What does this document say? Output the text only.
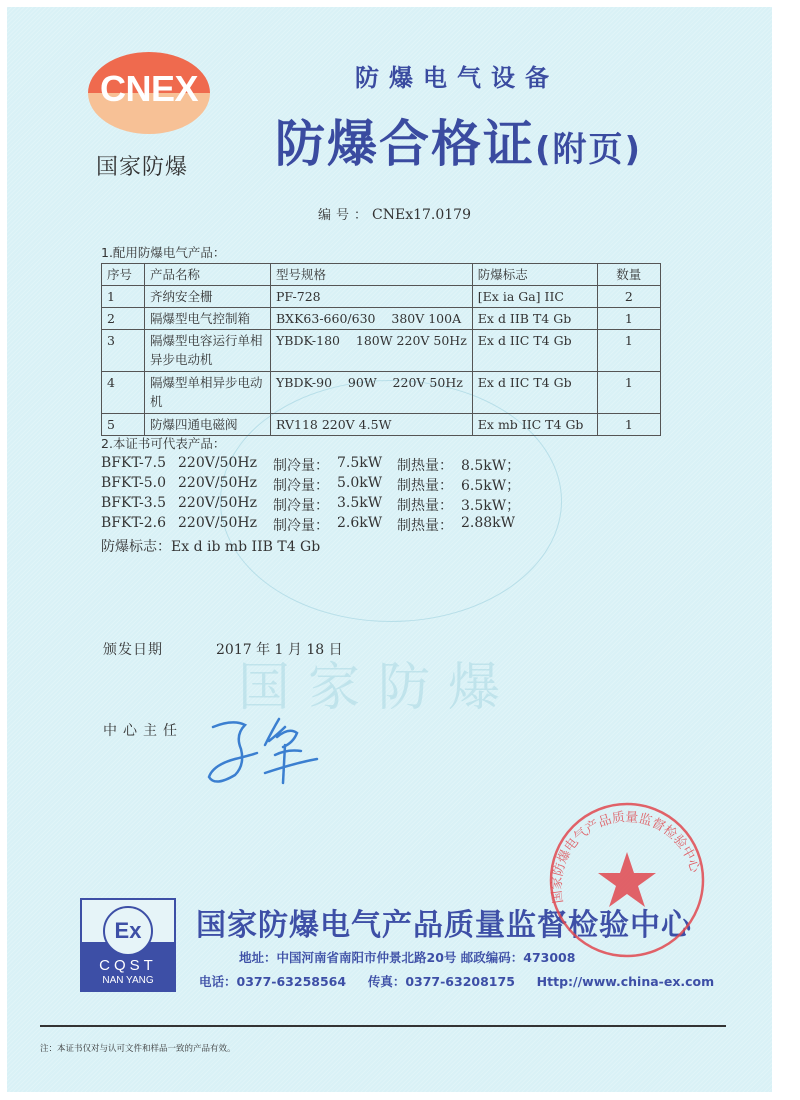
国家防爆
CNEX
国家防爆
防爆电气设备
防爆合格证(附页)
编号：CNEx17.0179
1.配用防爆电气产品：
序号	产品名称	型号规格	防爆标志	数量
1	齐纳安全栅	PF-728	[Ex ia Ga] IIC	2
2	隔爆型电气控制箱	BXK63-660/630    380V 100A	Ex d IIB T4 Gb	1
3	隔爆型电容运行单相异步电动机	YBDK-180    180W 220V 50Hz	Ex d IIC T4 Gb	1
4	隔爆型单相异步电动机	YBDK-90    90W    220V 50Hz	Ex d IIC T4 Gb	1
5	防爆四通电磁阀	RV118 220V 4.5W	Ex mb IIC T4 Gb	1
2.本证书可代表产品：
BFKT-7.5 220V/50Hz 制冷量： 7.5kW 制热量： 8.5kW；
BFKT-5.0 220V/50Hz 制冷量： 5.0kW 制热量： 6.5kW；
BFKT-3.5 220V/50Hz 制冷量： 3.5kW 制热量： 3.5kW；
BFKT-2.6 220V/50Hz 制冷量： 2.6kW 制热量： 2.88kW
防爆标志：Ex d ib mb IIB T4 Gb
颁发日期	2017 年 1 月 18 日
中心主任
Ex
CQST
NAN YANG
国家防爆电气产品质量监督检验中心
地址：中国河南省南阳市仲景北路20号 邮政编码：473008
电话：0377-63258564 传真：0377-63208175 Http://www.china-ex.com
国家防爆电气产品质量监督检验中心
注：本证书仅对与认可文件和样品一致的产品有效。
